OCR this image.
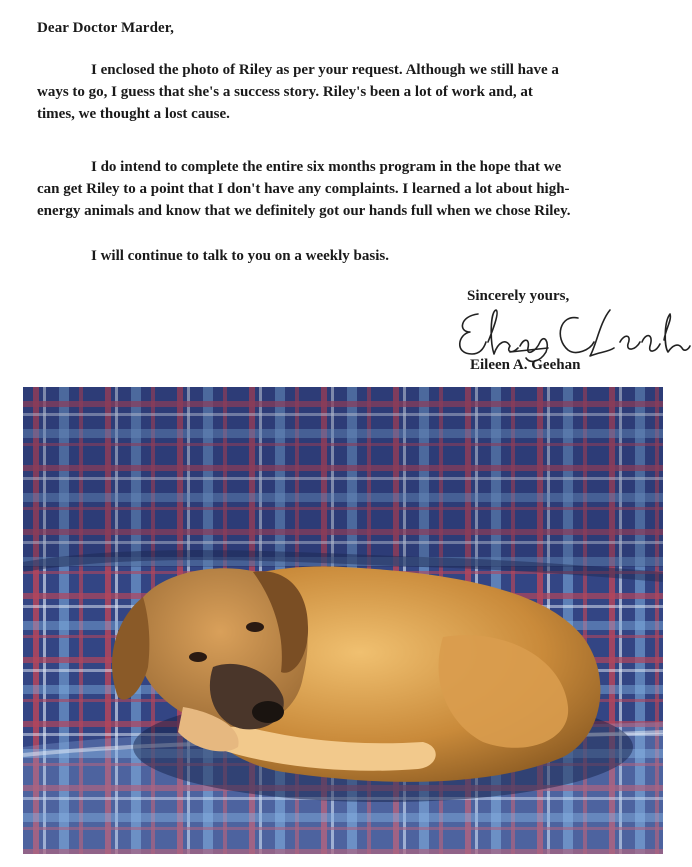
Dear Doctor Marder,

I enclosed the photo of Riley as per your request. Although we still have a
ways to go, I guess that she's a success story. Riley's been a lot of work and, at
times, we thought a lost cause.

I do intend to complete the entire six months program in the hope that we
can get Riley to a point that I don't have any complaints. I learned a lot about high-
energy animals and know that we definitely got our hands full when we chose Riley.

I will continue to talk to you on a weekly basis.

Sincerely yours,
Eileen A. Geehan
